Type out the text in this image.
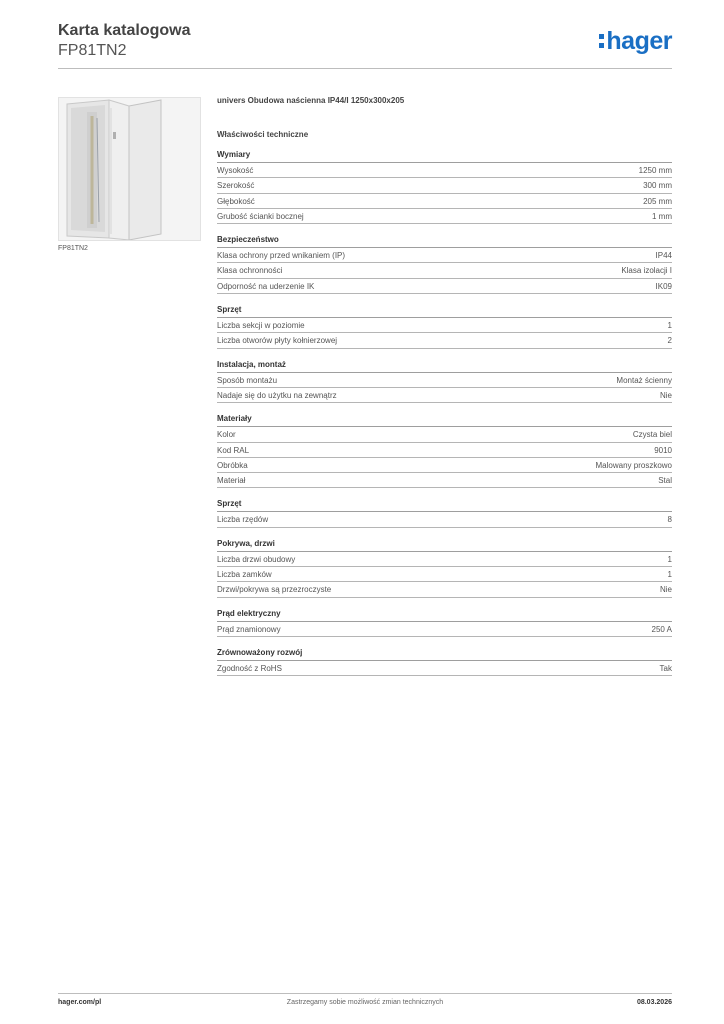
Karta katalogowa
FP81TN2	hager
FP81TN2
univers Obudowa naścienna IP44/I 1250x300x205
Właściwości techniczne
Wymiary
Wysokość	1250 mm
Szerokość	300 mm
Głębokość	205 mm
Grubość ścianki bocznej	1 mm
Bezpieczeństwo
Klasa ochrony przed wnikaniem (IP)	IP44
Klasa ochronności	Klasa izolacji I
Odporność na uderzenie IK	IK09
Sprzęt
Liczba sekcji w poziomie	1
Liczba otworów płyty kołnierzowej	2
Instalacja, montaż
Sposób montażu	Montaż ścienny
Nadaje się do użytku na zewnątrz	Nie
Materiały
Kolor	Czysta biel
Kod RAL	9010
Obróbka	Malowany proszkowo
Materiał	Stal
Sprzęt
Liczba rzędów	8
Pokrywa, drzwi
Liczba drzwi obudowy	1
Liczba zamków	1
Drzwi/pokrywa są przezroczyste	Nie
Prąd elektryczny
Prąd znamionowy	250 A
Zrównoważony rozwój
Zgodność z RoHS	Tak
hager.com/pl	Zastrzegamy sobie możliwość zmian technicznych	08.03.2026
